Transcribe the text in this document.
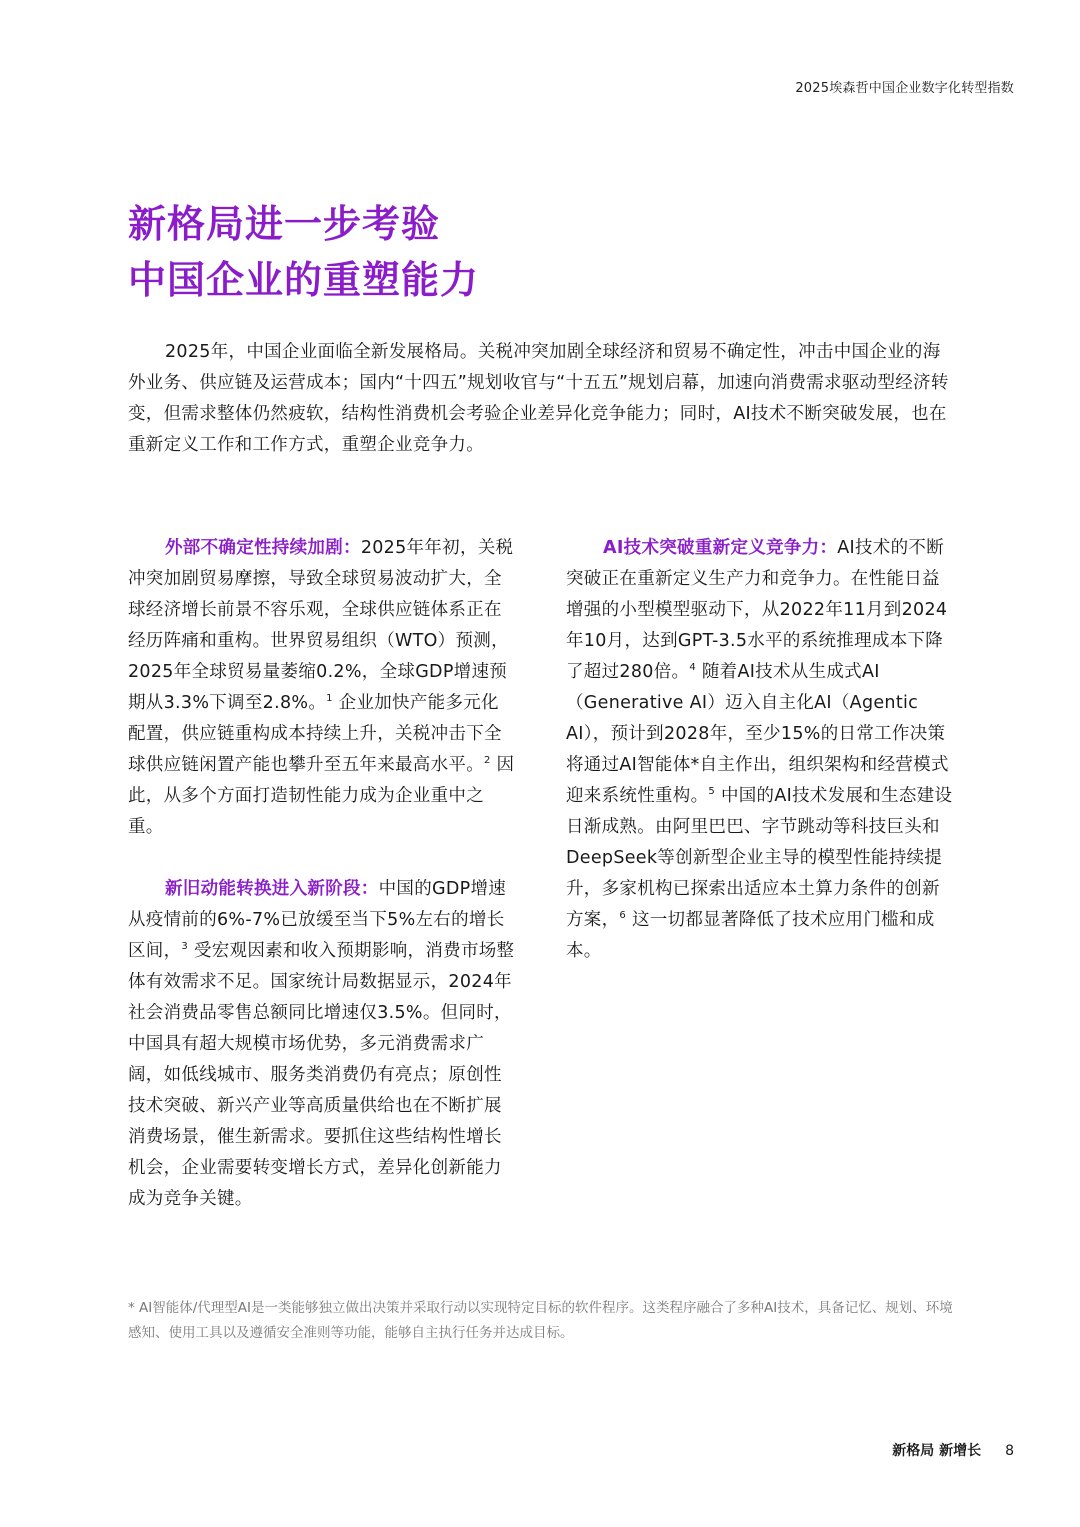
2025埃森哲中国企业数字化转型指数
新格局进一步考验
中国企业的重塑能力

2025年，中国企业面临全新发展格局。关税冲突加剧全球经济和贸易不确定性，冲击中国企业的海外业务、供应链及运营成本；国内“十四五”规划收官与“十五五”规划启幕，加速向消费需求驱动型经济转变，但需求整体仍然疲软，结构性消费机会考验企业差异化竞争能力；同时，AI技术不断突破发展，也在重新定义工作和工作方式，重塑企业竞争力。

外部不确定性持续加剧：2025年年初，关税冲突加剧贸易摩擦，导致全球贸易波动扩大，全球经济增长前景不容乐观，全球供应链体系正在经历阵痛和重构。世界贸易组织（WTO）预测，2025年全球贸易量萎缩0.2%，全球GDP增速预期从3.3%下调至2.8%。$^1$ 企业加快产能多元化配置，供应链重构成本持续上升，关税冲击下全球供应链闲置产能也攀升至五年来最高水平。$^2$ 因此，从多个方面打造韧性能力成为企业重中之重。

新旧动能转换进入新阶段：中国的GDP增速从疫情前的6%-7%已放缓至当下5%左右的增长区间，$^3$ 受宏观因素和收入预期影响，消费市场整体有效需求不足。国家统计局数据显示，2024年社会消费品零售总额同比增速仅3.5%。但同时，中国具有超大规模市场优势，多元消费需求广阔，如低线城市、服务类消费仍有亮点；原创性技术突破、新兴产业等高质量供给也在不断扩展消费场景，催生新需求。要抓住这些结构性增长机会，企业需要转变增长方式，差异化创新能力成为竞争关键。

AI技术突破重新定义竞争力：AI技术的不断突破正在重新定义生产力和竞争力。在性能日益增强的小型模型驱动下，从2022年11月到2024年10月，达到GPT-3.5水平的系统推理成本下降了超过280倍。$^4$ 随着AI技术从生成式AI（Generative AI）迈入自主化AI（Agentic AI），预计到2028年，至少15%的日常工作决策将通过AI智能体*自主作出，组织架构和经营模式迎来系统性重构。$^5$ 中国的AI技术发展和生态建设日渐成熟。由阿里巴巴、字节跳动等科技巨头和DeepSeek等创新型企业主导的模型性能持续提升，多家机构已探索出适应本土算力条件的创新方案，$^6$ 这一切都显著降低了技术应用门槛和成本。

* AI智能体/代理型AI是一类能够独立做出决策并采取行动以实现特定目标的软件程序。这类程序融合了多种AI技术，具备记忆、规划、环境感知、使用工具以及遵循安全准则等功能，能够自主执行任务并达成目标。

新格局 新增长 8
